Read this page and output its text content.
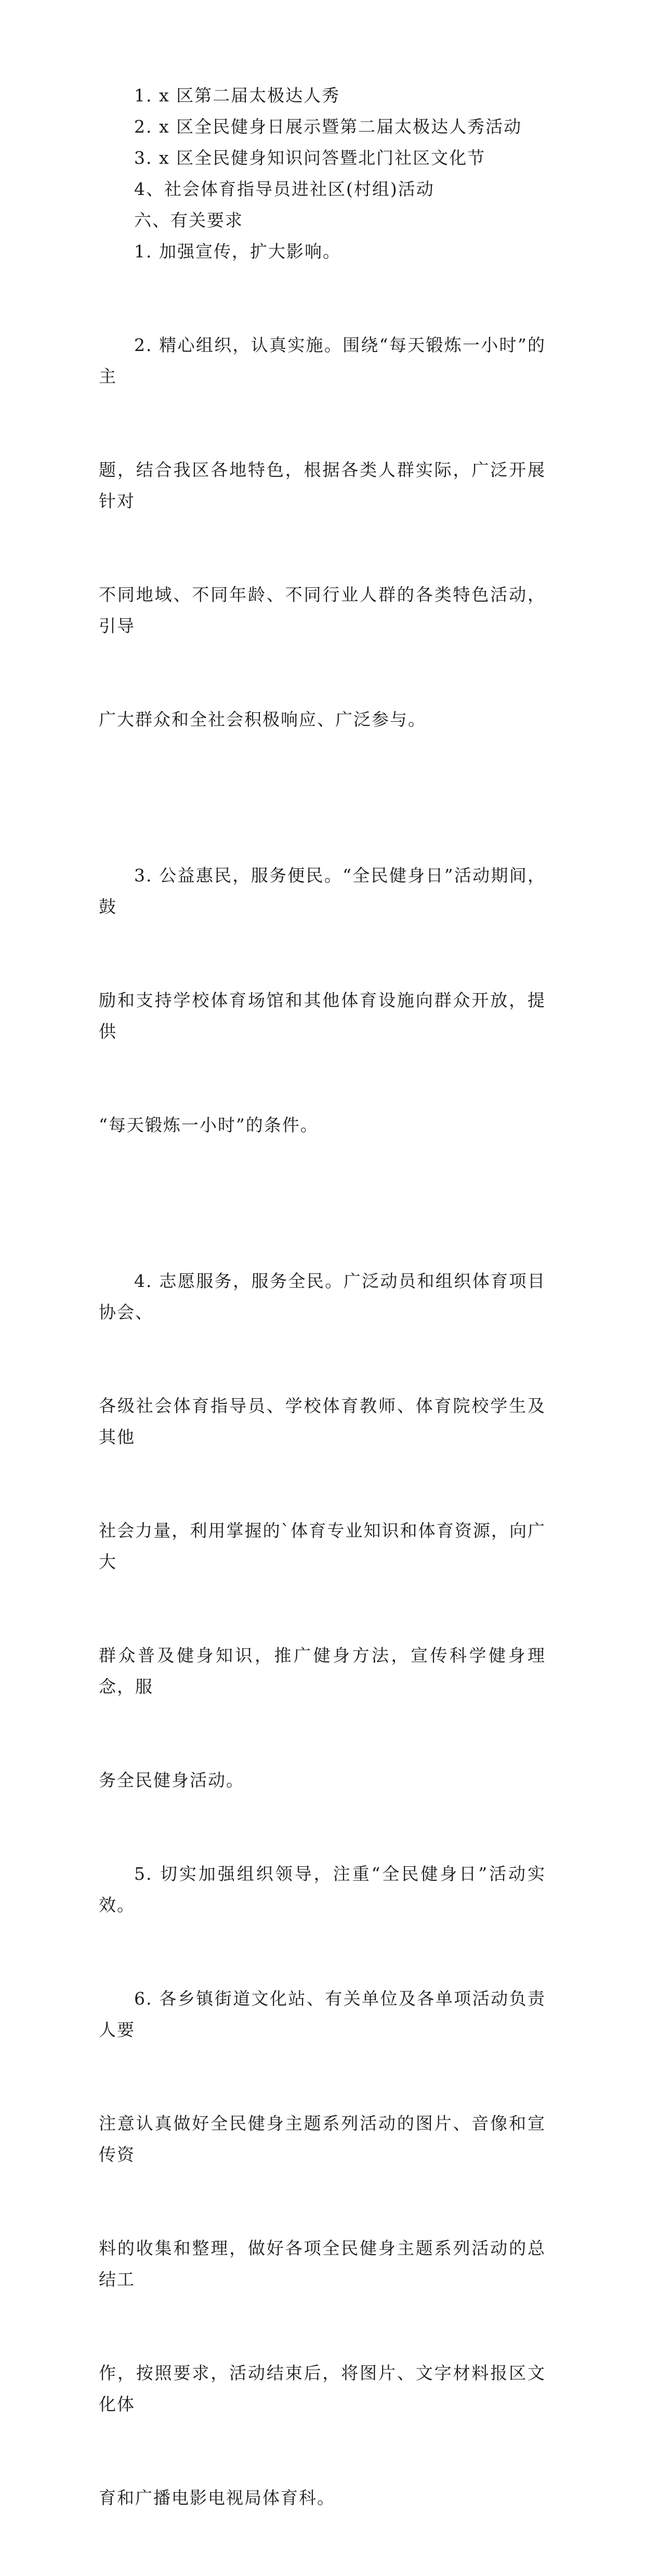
1. x 区第二届太极达人秀

2. x 区全民健身日展示暨第二届太极达人秀活动

3. x 区全民健身知识问答暨北门社区文化节

4、社会体育指导员进社区(村组)活动

六、有关要求

1. 加强宣传，扩大影响。

2. 精心组织，认真实施。围绕“每天锻炼一小时”的主

题，结合我区各地特色，根据各类人群实际，广泛开展针对

不同地域、不同年龄、不同行业人群的各类特色活动，引导

广大群众和全社会积极响应、广泛参与。

3. 公益惠民，服务便民。“全民健身日”活动期间，鼓

励和支持学校体育场馆和其他体育设施向群众开放，提供

“每天锻炼一小时”的条件。

4. 志愿服务，服务全民。广泛动员和组织体育项目协会、

各级社会体育指导员、学校体育教师、体育院校学生及其他

社会力量，利用掌握的`体育专业知识和体育资源，向广大

群众普及健身知识，推广健身方法，宣传科学健身理念，服

务全民健身活动。

5. 切实加强组织领导，注重“全民健身日”活动实效。

6. 各乡镇街道文化站、有关单位及各单项活动负责人要

注意认真做好全民健身主题系列活动的图片、音像和宣传资

料的收集和整理，做好各项全民健身主题系列活动的总结工

作，按照要求，活动结束后，将图片、文字材料报区文化体

育和广播电影电视局体育科。
